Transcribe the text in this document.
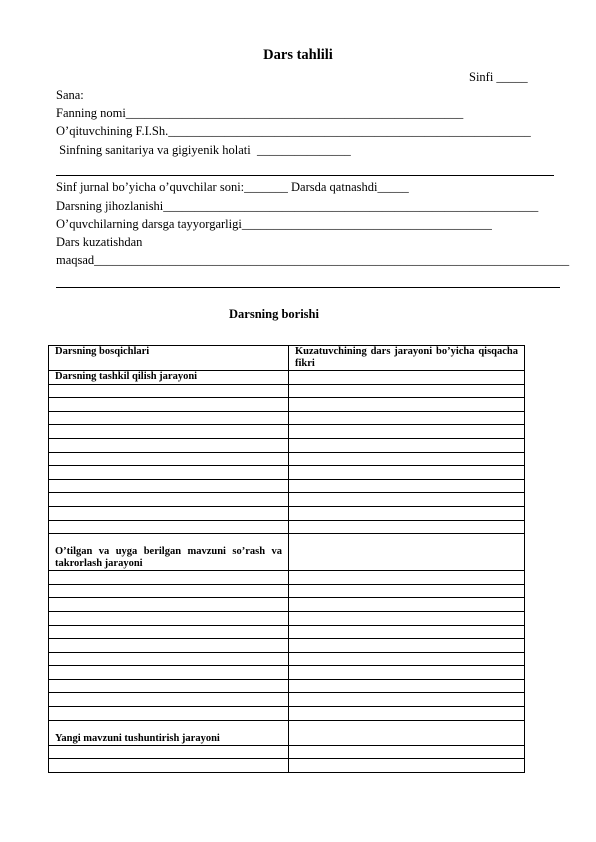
Dars tahlili
Sinfi _____
Sana:
Fanning nomi______________________________________________________
O’qituvchining F.I.Sh.__________________________________________________________
Sinfning sanitariya va gigiyenik holati  _______________
Sinf jurnal bo’yicha o’quvchilar soni:_______ Darsda qatnashdi_____
Darsning jihozlanishi____________________________________________________________
O’quvchilarning darsga tayyorgarligi________________________________________
Dars kuzatishdan
maqsad____________________________________________________________________________
Darsning borishi
Darsning bosqichlari	Kuzatuvchining dars jarayoni bo’yicha qisqacha fikri
Darsning tashkil qilish jarayoni	

O’tilgan va uyga berilgan mavzuni so’rash va takrorlash jarayoni	

Yangi mavzuni tushuntirish jarayoni	
